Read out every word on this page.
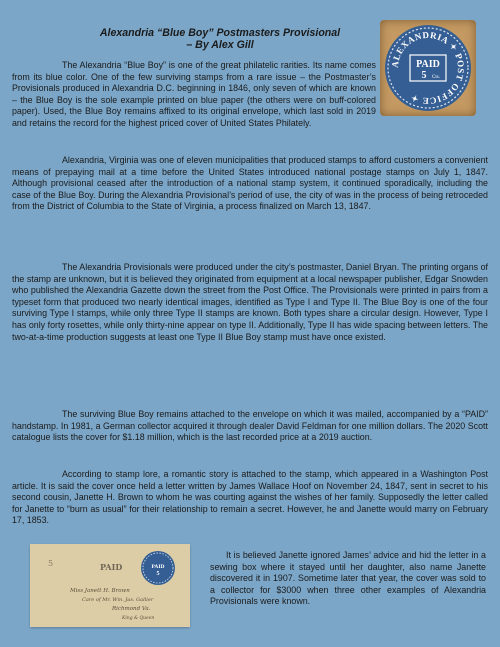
Alexandria “Blue Boy” Postmasters Provisional
– By Alex Gill
ALEXANDRIA ✦ POST OFFICE ✦
PAID
5 Cts.

The Alexandria “Blue Boy” is one of the great philatelic rarities. Its name comes from its blue color. One of the few surviving stamps from a rare issue – the Postmaster’s Provisionals produced in Alexandria D.C. beginning in 1846, only seven of which are known – the Blue Boy is the sole example printed on blue paper (the others were on buff-colored paper). Used, the Blue Boy remains affixed to its original envelope, which last sold in 2019 and retains the record for the highest priced cover of United States Philately.

Alexandria, Virginia was one of eleven municipalities that produced stamps to afford customers a convenient means of prepaying mail at a time before the United States introduced national postage stamps on July 1, 1847. Although provisional ceased after the introduction of a national stamp system, it continued sporadically, including the case of the Blue Boy. During the Alexandria Provisional’s period of use, the city of was in the process of being retroceded from the District of Columbia to the State of Virginia, a process finalized on March 13, 1847.

The Alexandria Provisionals were produced under the city’s postmaster, Daniel Bryan. The printing organs of the stamp are unknown, but it is believed they originated from equipment at a local newspaper publisher, Edgar Snowden who published the Alexandria Gazette down the street from the Post Office. The Provisionals were printed in pairs from a typeset form that produced two nearly identical images, identified as Type I and Type II. The Blue Boy is one of the four surviving Type I stamps, while only three Type II stamps are known. Both types share a circular design. However, Type I has only forty rosettes, while only thirty-nine appear on type II. Additionally, Type II has wide spacing between letters. The two-at-a-time production suggests at least one Type II Blue Boy stamp must have once existed.

The surviving Blue Boy remains attached to the envelope on which it was mailed, accompanied by a “PAID” handstamp. In 1981, a German collector acquired it through dealer David Feldman for one million dollars. The 2020 Scott catalogue lists the cover for $1.18 million, which is the last recorded price at a 2019 auction.

According to stamp lore, a romantic story is attached to the stamp, which appeared in a Washington Post article. It is said the cover once held a letter written by James Wallace Hoof on November 24, 1847, sent in secret to his second cousin, Janette H. Brown to whom he was courting against the wishes of her family. Supposedly the letter called for Janette to “burn as usual” for their relationship to remain a secret. However, he and Janette would marry on February 17, 1853.

5	PAID	PAID
5
Miss Janett H. Brown
Care of Mr. Wm. Jas. Gallier
Richmond Va.
King & Queen

It is believed Janette ignored James’ advice and hid the letter in a sewing box where it stayed until her daughter, also name Janette discovered it in 1907. Sometime later that year, the cover was sold to a collector for $3000 when three other examples of Alexandria Provisionals were known.
